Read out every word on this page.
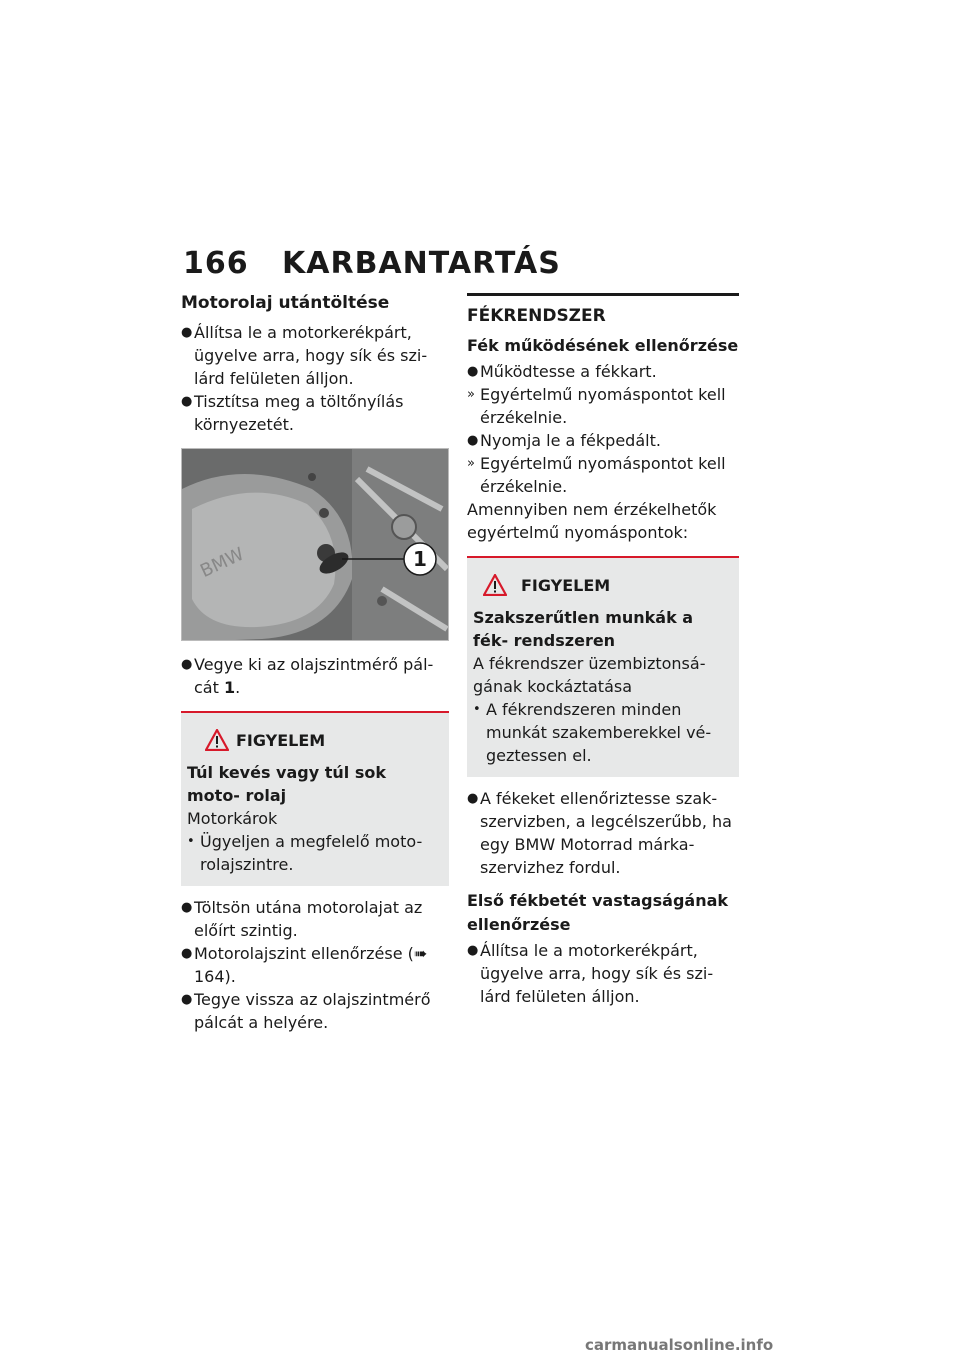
166 KARBANTARTÁS
Motorolaj utántöltése
● Állítsa le a motorkerékpárt, ügyelve arra, hogy sík és szi- lárd felületen álljon.
● Tisztítsa meg a töltőnyílás környezetét.
BMW	1
● Vegye ki az olajszintmérő pál- cát 1.
FIGYELEM
Túl kevés vagy túl sok moto- rolaj

Motorkárok

• Ügyeljen a megfelelő moto- rolajszintre.
● Töltsön utána motorolajat az előírt szintig.
● Motorolajszint ellenőrzése (➠ 164).
● Tegye vissza az olajszintmérő pálcát a helyére.
FÉKRENDSZER
Fék működésének ellenőrzése
● Működtesse a fékkart.
» Egyértelmű nyomáspontot kell érzékelnie.
● Nyomja le a fékpedált.
» Egyértelmű nyomáspontot kell érzékelnie.

Amennyiben nem érzékelhetők egyértelmű nyomáspontok:

FIGYELEM
Szakszerűtlen munkák a fék- rendszeren

A fékrendszer üzembiztonsá- gának kockáztatása

• A fékrendszeren minden munkát szakemberekkel vé- geztessen el.
● A fékeket ellenőriztesse szak- szervizben, a legcélszerűbb, ha egy BMW Motorrad márka- szervizhez fordul.
Első fékbetét vastagságának ellenőrzése
● Állítsa le a motorkerékpárt, ügyelve arra, hogy sík és szi- lárd felületen álljon.
carmanualsonline.info
